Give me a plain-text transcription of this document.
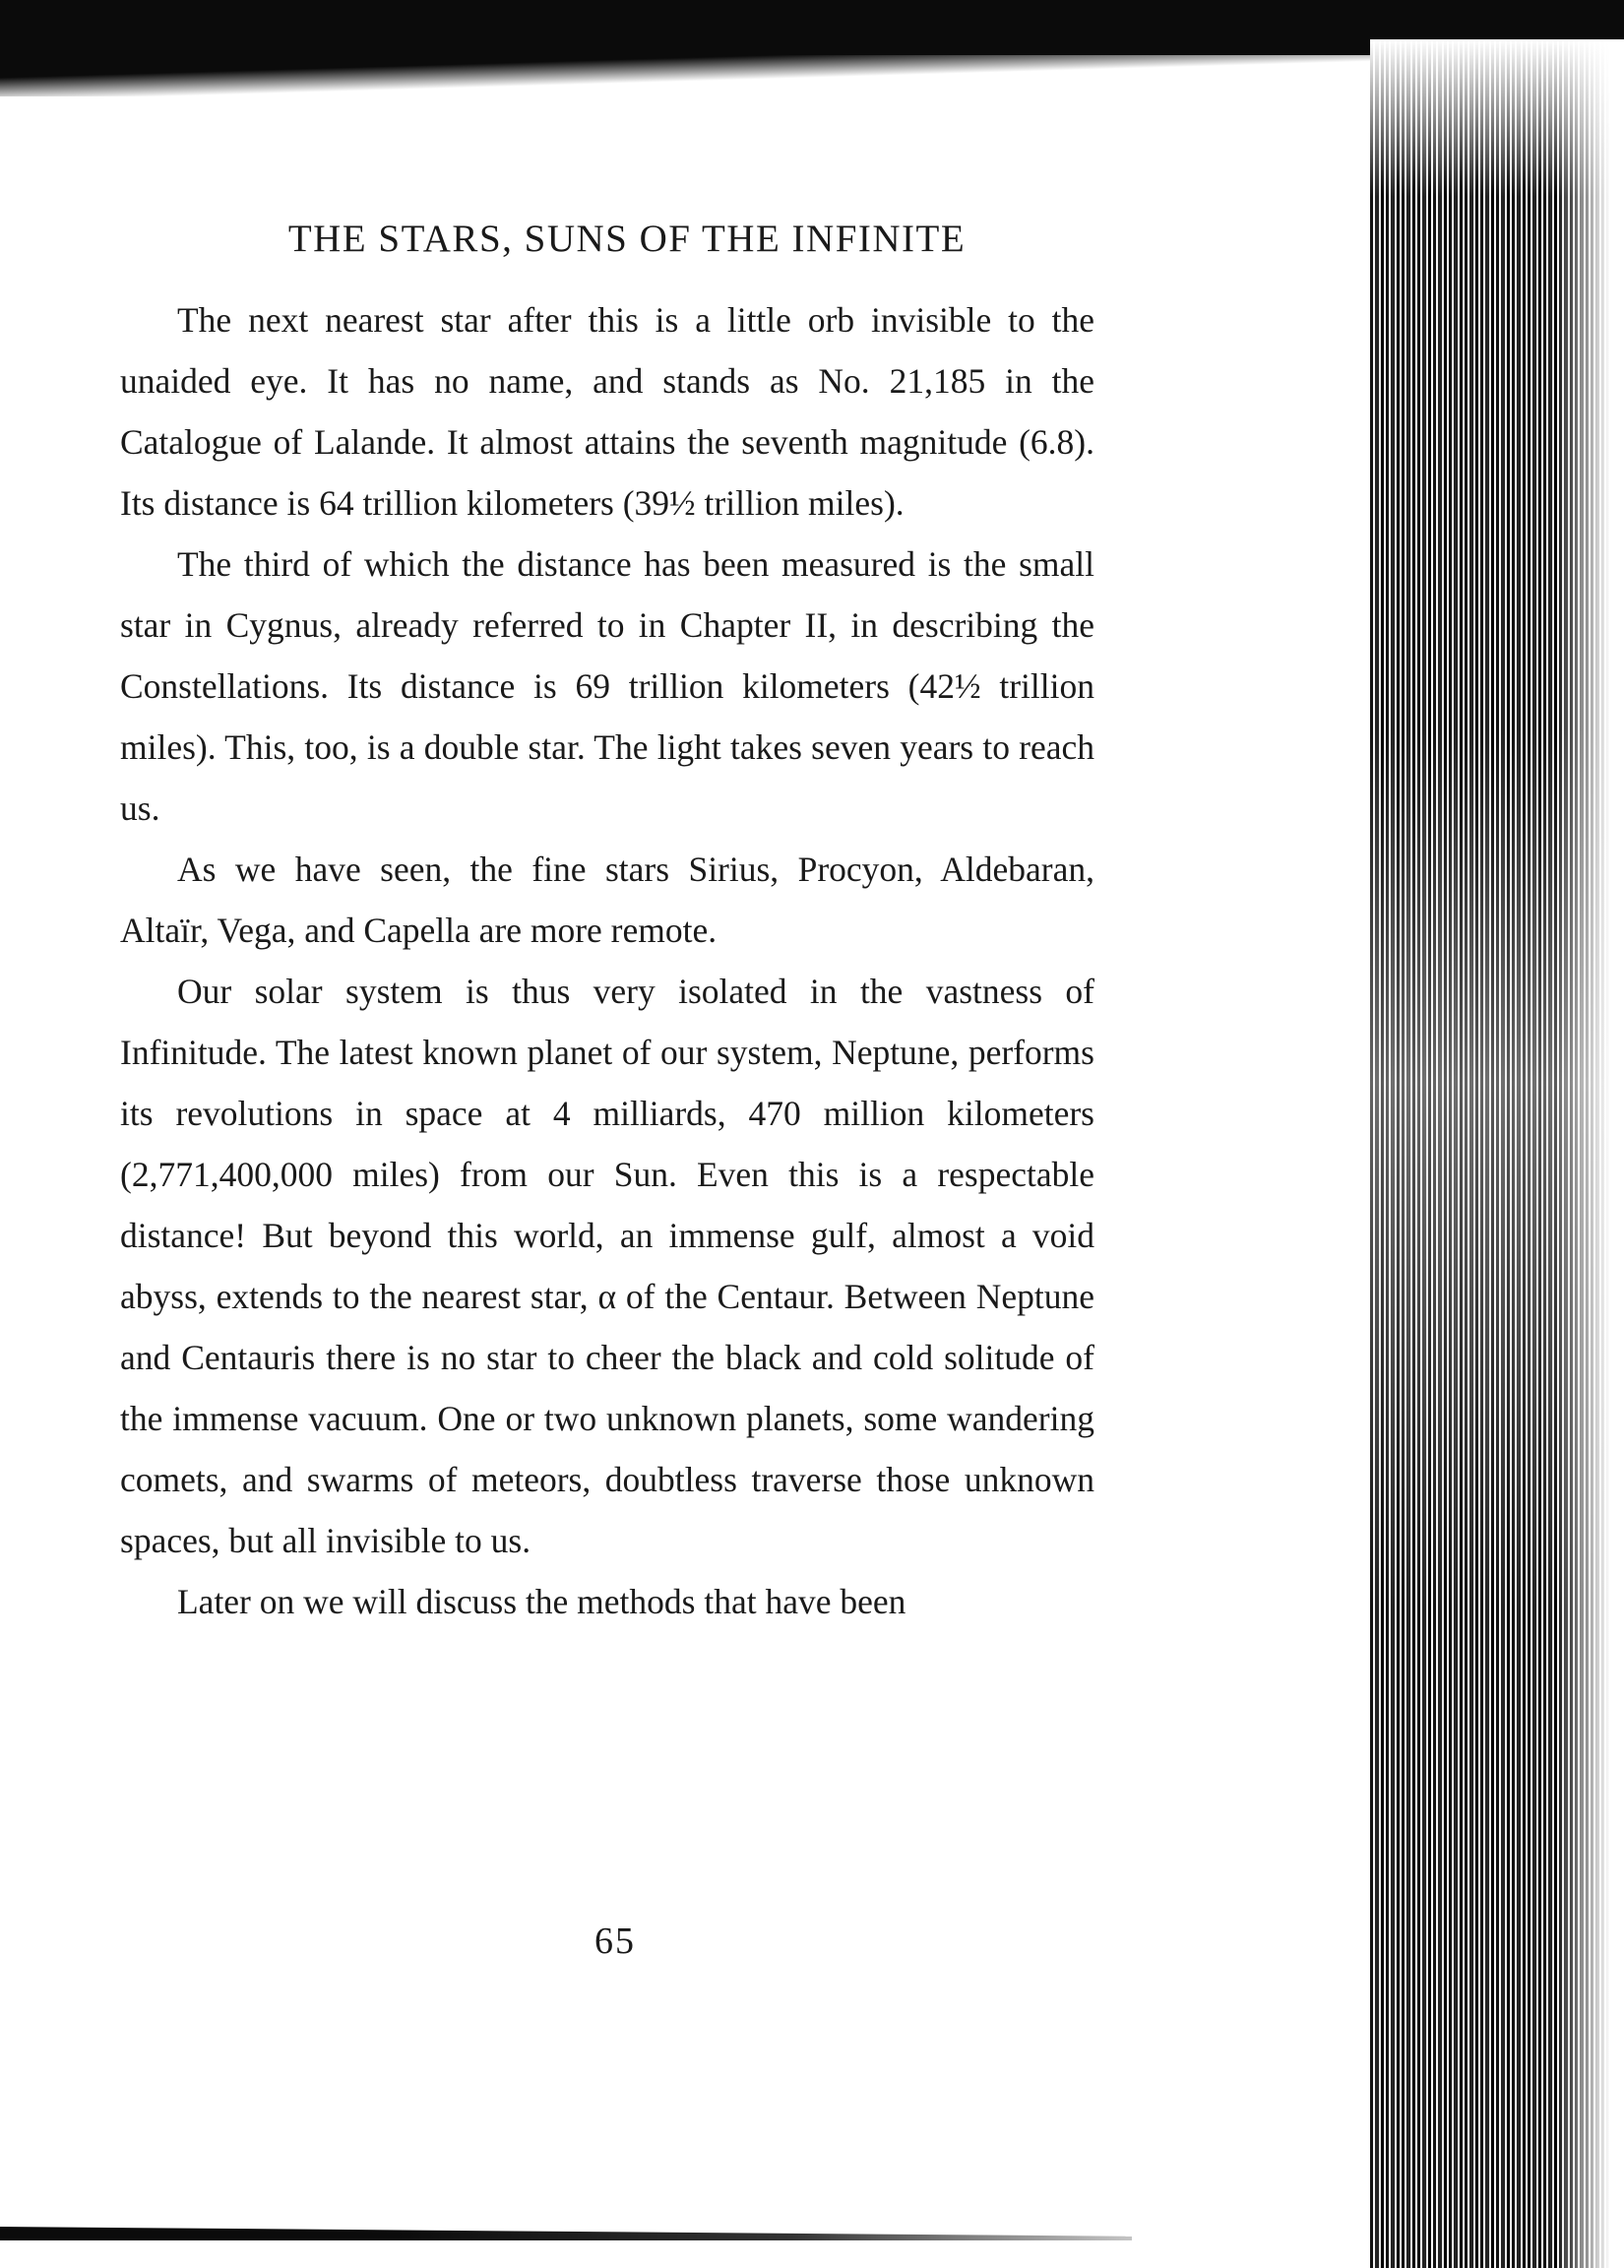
THE STARS, SUNS OF THE INFINITE

The next nearest star after this is a little orb invisible to the unaided eye. It has no name, and stands as No. 21,185 in the Catalogue of Lalande. It almost attains the seventh magnitude (6.8). Its distance is 64 trillion kilometers (39½ trillion miles).

The third of which the distance has been measured is the small star in Cygnus, already referred to in Chapter II, in describing the Constellations. Its distance is 69 trillion kilometers (42½ trillion miles). This, too, is a double star. The light takes seven years to reach us.

As we have seen, the fine stars Sirius, Procyon, Aldebaran, Altaïr, Vega, and Capella are more remote.

Our solar system is thus very isolated in the vastness of Infinitude. The latest known planet of our system, Neptune, performs its revolutions in space at 4 milliards, 470 million kilometers (2,771,400,000 miles) from our Sun. Even this is a respectable distance! But beyond this world, an immense gulf, almost a void abyss, extends to the nearest star, α of the Centaur. Between Neptune and Centauris there is no star to cheer the black and cold solitude of the immense vacuum. One or two unknown planets, some wandering comets, and swarms of meteors, doubtless traverse those unknown spaces, but all invisible to us.

Later on we will discuss the methods that have been

65
